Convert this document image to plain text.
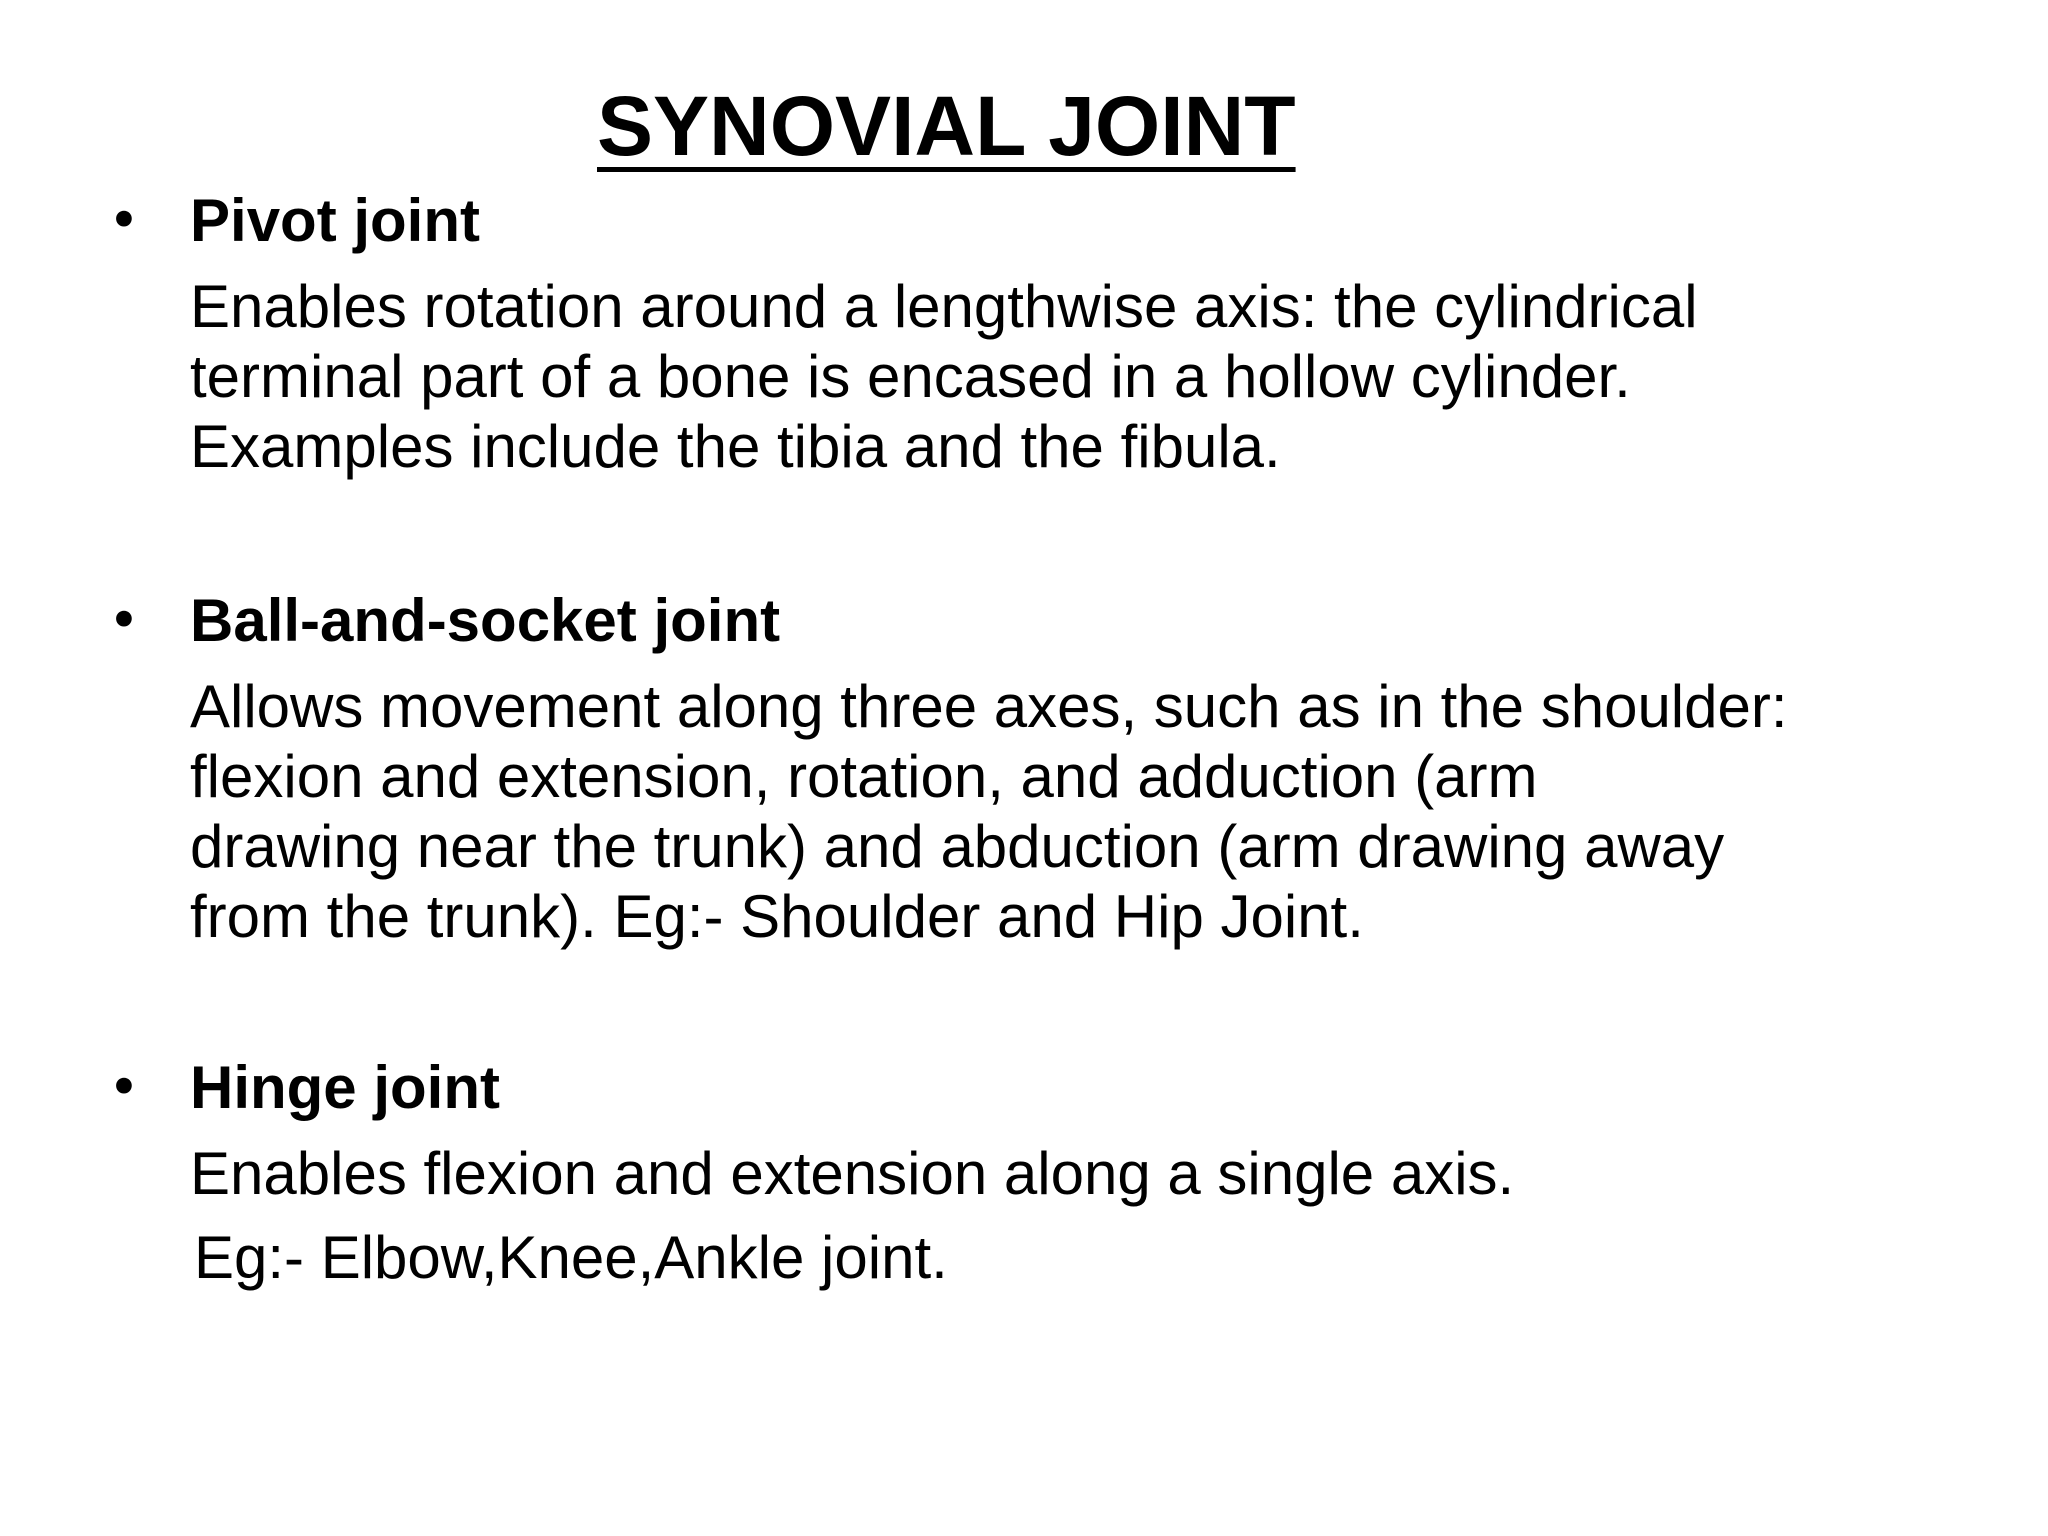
SYNOVIAL JOINT
• Pivot joint
Enables rotation around a lengthwise axis: the cylindrical
terminal part of a bone is encased in a hollow cylinder.
Examples include the tibia and the fibula.
• Ball-and-socket joint
Allows movement along three axes, such as in the shoulder:
flexion and extension, rotation, and adduction (arm
drawing near the trunk) and abduction (arm drawing away
from the trunk). Eg:- Shoulder and Hip Joint.
• Hinge joint
Enables flexion and extension along a single axis.
Eg:- Elbow,Knee,Ankle joint.
